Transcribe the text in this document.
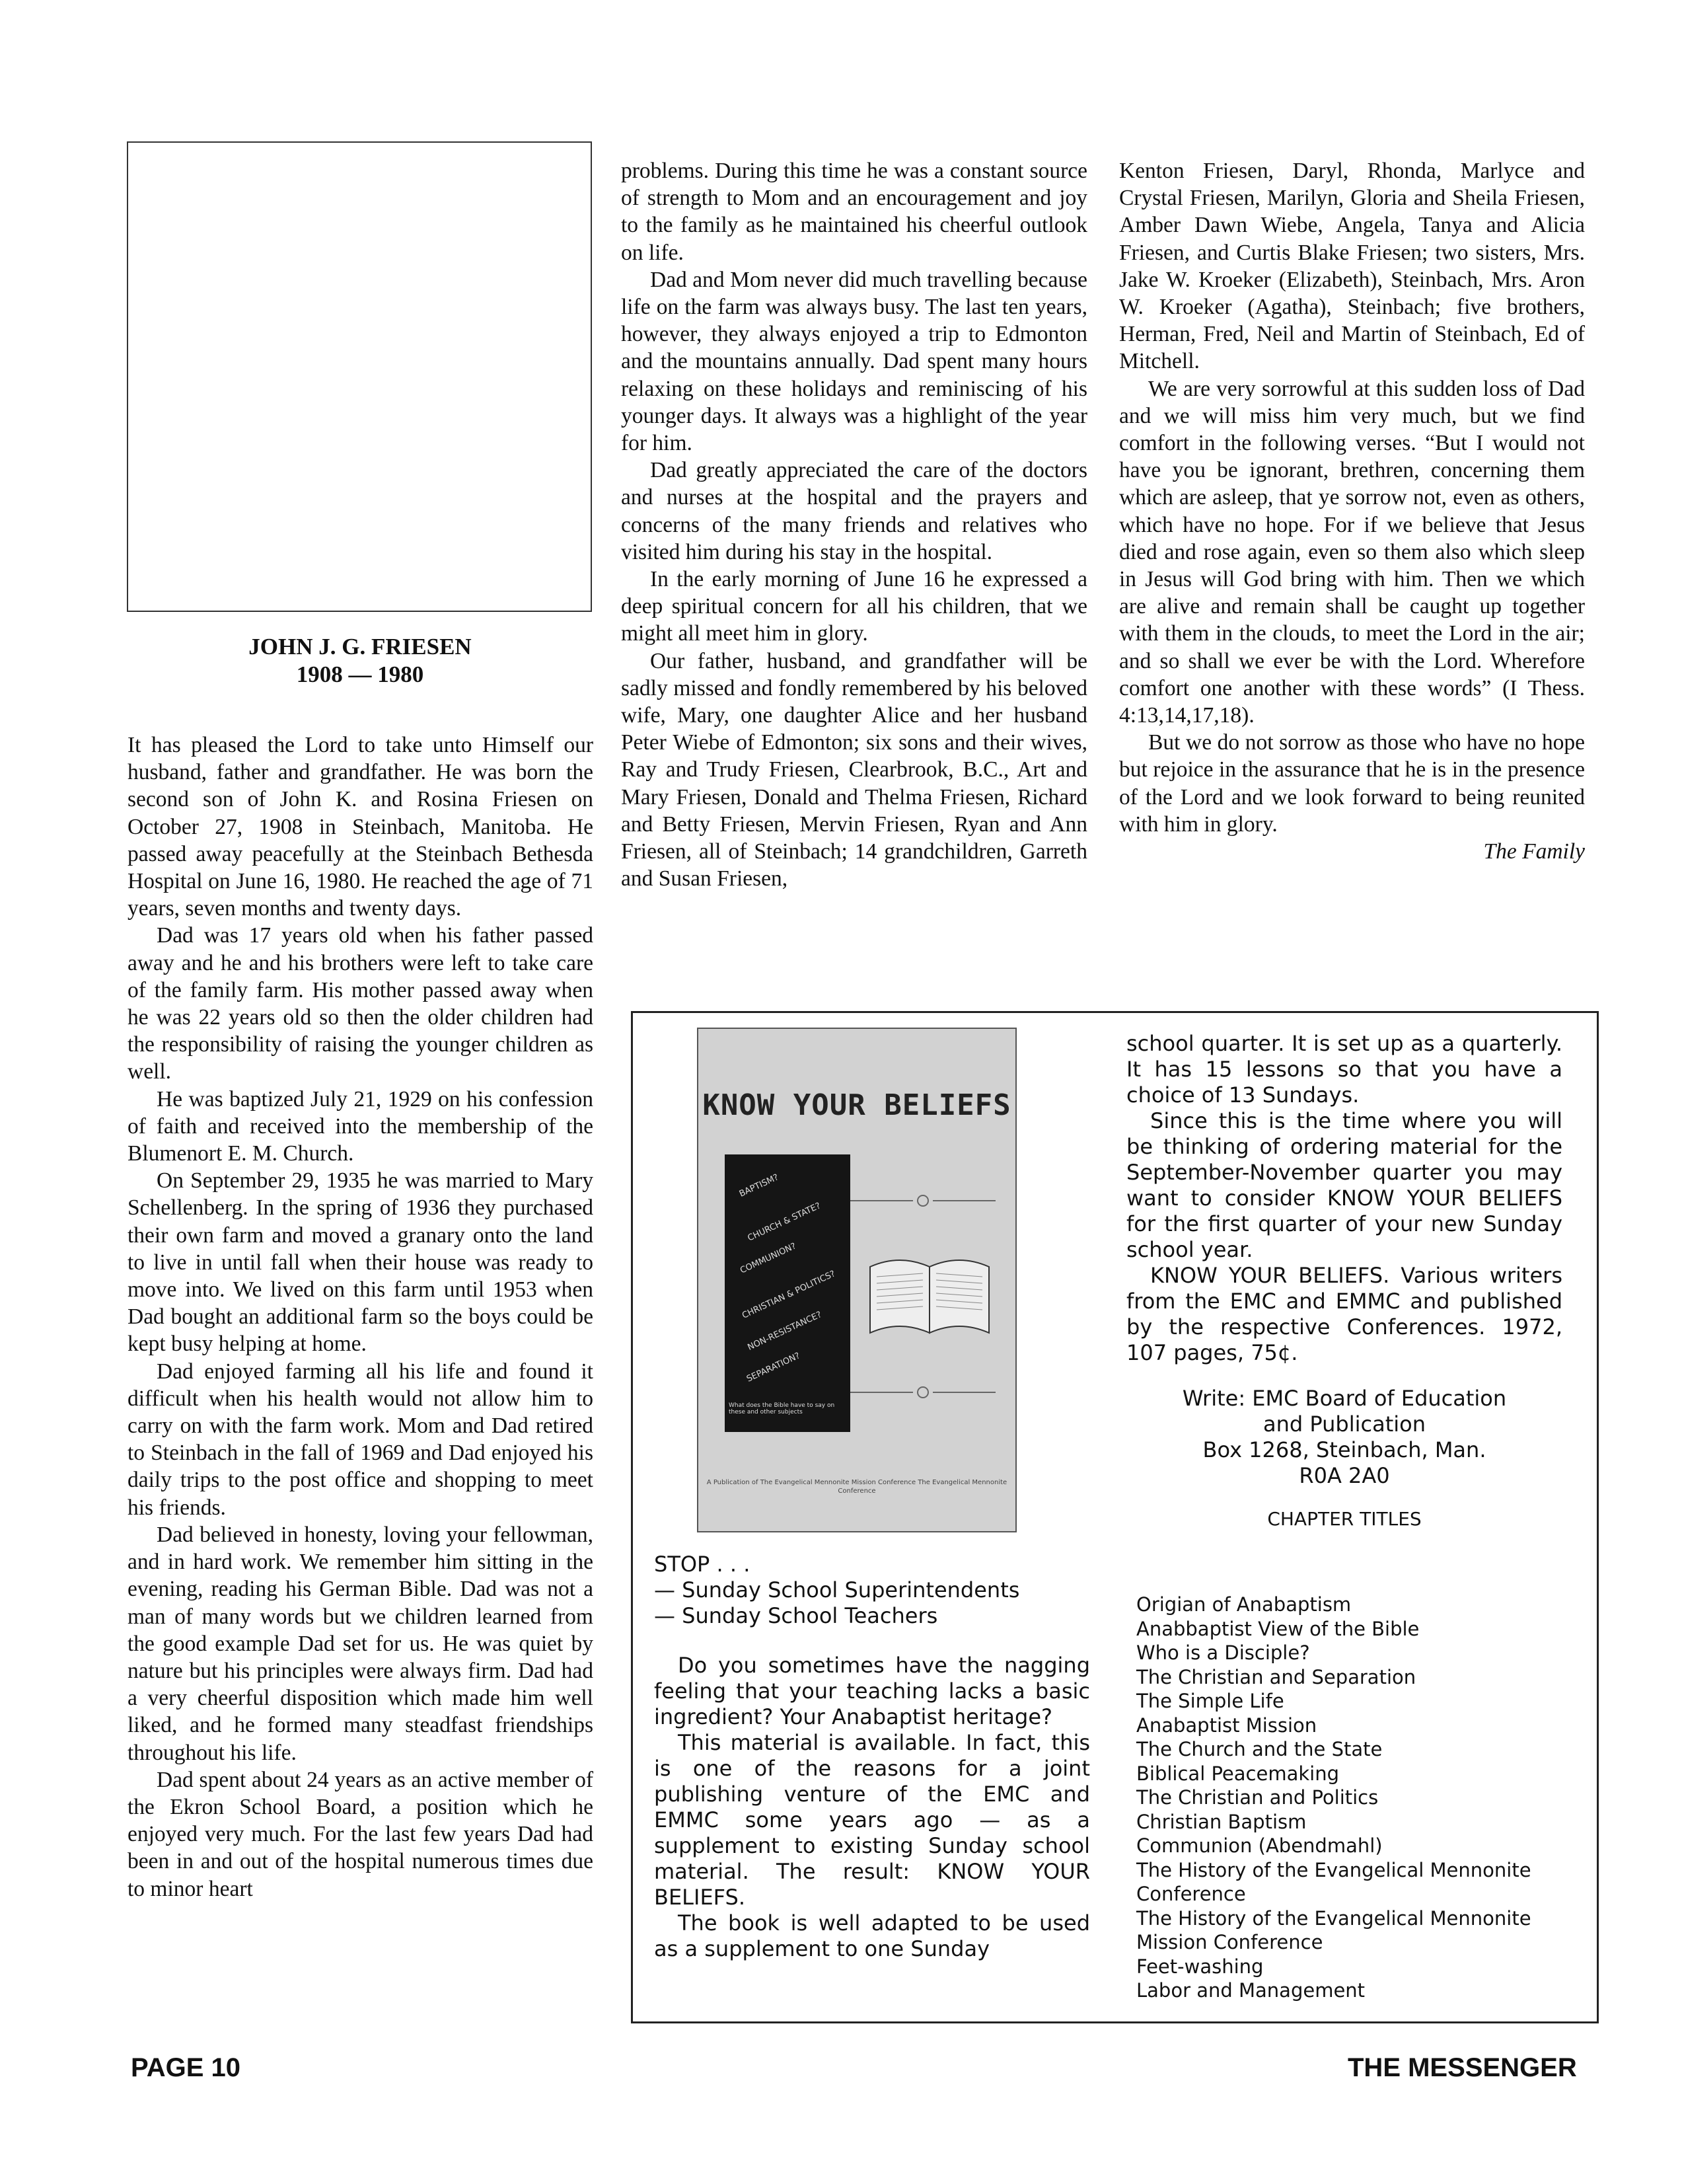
JOHN J. G. FRIESEN
1908 — 1980

It has pleased the Lord to take unto Himself our husband, father and grandfather. He was born the second son of John K. and Rosina Friesen on October 27, 1908 in Steinbach, Manitoba. He passed away peacefully at the Steinbach Bethesda Hospital on June 16, 1980. He reached the age of 71 years, seven months and twenty days.

Dad was 17 years old when his father passed away and he and his brothers were left to take care of the family farm. His mother passed away when he was 22 years old so then the older children had the responsibility of raising the younger children as well.

He was baptized July 21, 1929 on his confession of faith and received into the membership of the Blumenort E. M. Church.

On September 29, 1935 he was married to Mary Schellenberg. In the spring of 1936 they purchased their own farm and moved a granary onto the land to live in until fall when their house was ready to move into. We lived on this farm until 1953 when Dad bought an additional farm so the boys could be kept busy helping at home.

Dad enjoyed farming all his life and found it difficult when his health would not allow him to carry on with the farm work. Mom and Dad retired to Steinbach in the fall of 1969 and Dad enjoyed his daily trips to the post office and shopping to meet his friends.

Dad believed in honesty, loving your fellowman, and in hard work. We remember him sitting in the evening, reading his German Bible. Dad was not a man of many words but we children learned from the good example Dad set for us. He was quiet by nature but his principles were always firm. Dad had a very cheerful disposition which made him well liked, and he formed many steadfast friendships throughout his life.

Dad spent about 24 years as an active member of the Ekron School Board, a position which he enjoyed very much. For the last few years Dad had been in and out of the hospital numerous times due to minor heart

problems. During this time he was a constant source of strength to Mom and an encouragement and joy to the family as he maintained his cheerful outlook on life.

Dad and Mom never did much travelling because life on the farm was always busy. The last ten years, however, they always enjoyed a trip to Edmonton and the mountains annually. Dad spent many hours relaxing on these holidays and reminiscing of his younger days. It always was a highlight of the year for him.

Dad greatly appreciated the care of the doctors and nurses at the hospital and the prayers and concerns of the many friends and relatives who visited him during his stay in the hospital.

In the early morning of June 16 he expressed a deep spiritual concern for all his children, that we might all meet him in glory.

Our father, husband, and grandfather will be sadly missed and fondly remembered by his beloved wife, Mary, one daughter Alice and her husband Peter Wiebe of Edmonton; six sons and their wives, Ray and Trudy Friesen, Clearbrook, B.C., Art and Mary Friesen, Donald and Thelma Friesen, Richard and Betty Friesen, Mervin Friesen, Ryan and Ann Friesen, all of Steinbach; 14 grandchildren, Garreth and Susan Friesen,

Kenton Friesen, Daryl, Rhonda, Marlyce and Crystal Friesen, Marilyn, Gloria and Sheila Friesen, Amber Dawn Wiebe, Angela, Tanya and Alicia Friesen, and Curtis Blake Friesen; two sisters, Mrs. Jake W. Kroeker (Elizabeth), Steinbach, Mrs. Aron W. Kroeker (Agatha), Steinbach; five brothers, Herman, Fred, Neil and Martin of Steinbach, Ed of Mitchell.

We are very sorrowful at this sudden loss of Dad and we will miss him very much, but we find comfort in the following verses. “But I would not have you be ignorant, brethren, concerning them which are asleep, that ye sorrow not, even as others, which have no hope. For if we believe that Jesus died and rose again, even so them also which sleep in Jesus will God bring with him. Then we which are alive and remain shall be caught up together with them in the clouds, to meet the Lord in the air; and so shall we ever be with the Lord. Wherefore comfort one another with these words” (I Thess. 4:13,14,17,18).

But we do not sorrow as those who have no hope but rejoice in the assurance that he is in the presence of the Lord and we look forward to being reunited with him in glory.

The Family

KNOW YOUR BELIEFS
BAPTISM?
CHURCH & STATE?
COMMUNION?
CHRISTIAN & POLITICS?
NON-RESISTANCE?
SEPARATION?
What does the Bible have to say on these and other subjects
A Publication of The Evangelical Mennonite Mission Conference The Evangelical Mennonite Conference
STOP . . .
— Sunday School Superintendents
— Sunday School Teachers

Do you sometimes have the nagging feeling that your teaching lacks a basic ingredient? Your Anabaptist heritage?

This material is available. In fact, this is one of the reasons for a joint publishing venture of the EMC and EMMC some years ago — as a supplement to existing Sunday school material. The result: KNOW YOUR BELIEFS.

The book is well adapted to be used as a supplement to one Sunday

school quarter. It is set up as a quarterly. It has 15 lessons so that you have a choice of 13 Sundays.

Since this is the time where you will be thinking of ordering material for the September-November quarter you may want to consider KNOW YOUR BELIEFS for the first quarter of your new Sunday school year.

KNOW YOUR BELIEFS. Various writers from the EMC and EMMC and published by the respective Conferences. 1972, 107 pages, 75¢.

Write: EMC Board of Education
and Publication
Box 1268, Steinbach, Man.
R0A 2A0
CHAPTER TITLES
Origian of Anabaptism
Anabbaptist View of the Bible
Who is a Disciple?
The Christian and Separation
The Simple Life
Anabaptist Mission
The Church and the State
Biblical Peacemaking
The Christian and Politics
Christian Baptism
Communion (Abendmahl)
The History of the Evangelical Mennonite Conference
The History of the Evangelical Mennonite Mission Conference
Feet-washing
Labor and Management
PAGE 10	THE MESSENGER
